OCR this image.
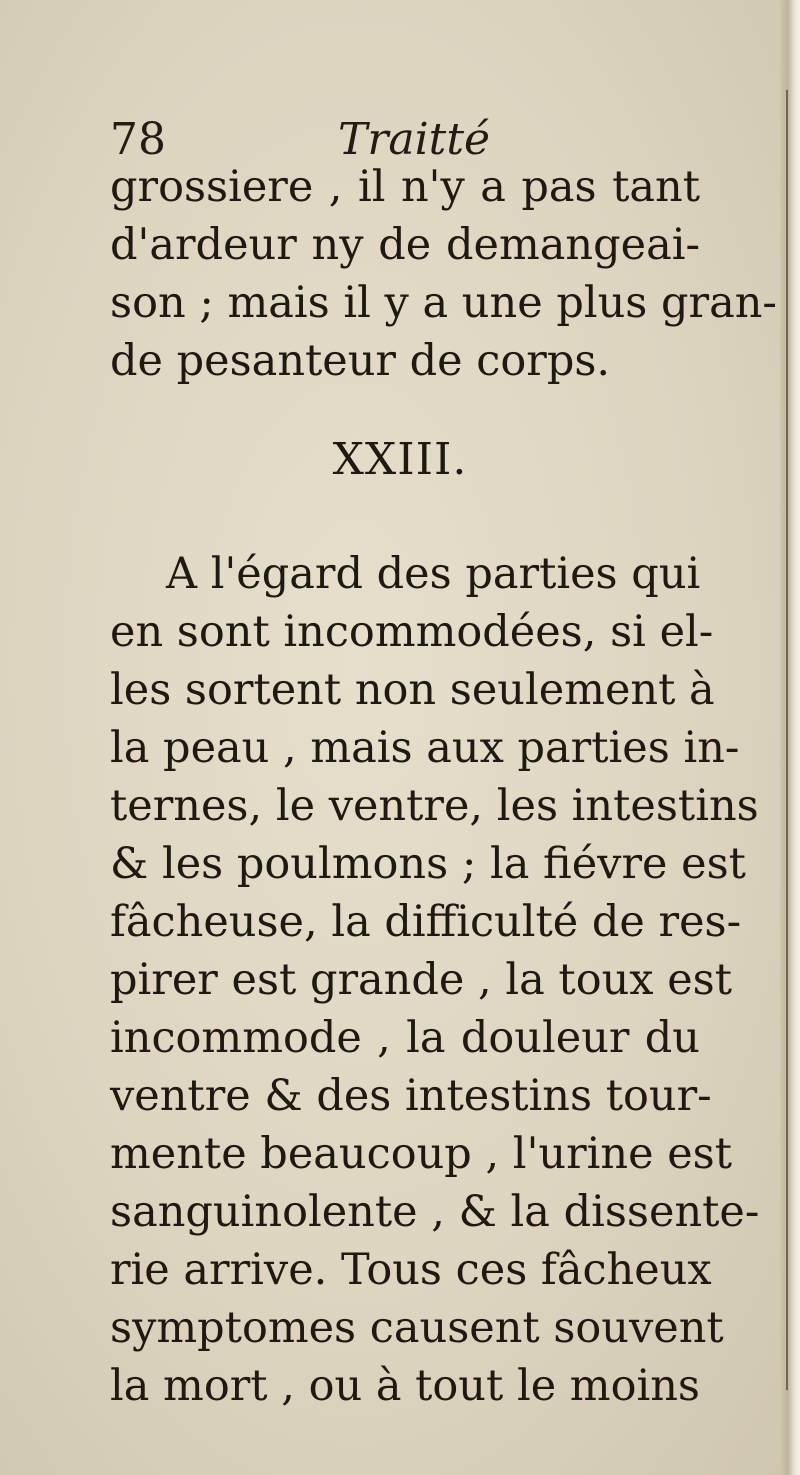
78	Traitté
grossiere , il n'y a pas tant
d'ardeur ny de demangeai-
son ; mais il y a une plus gran-
de pesanteur de corps.
XXIII.
A l'égard des parties qui
en sont incommodées, si el-
les sortent non seulement à
la peau , mais aux parties in-
ternes, le ventre, les intestins
& les poulmons ; la fiévre est
fâcheuse, la difficulté de res-
pirer est grande , la toux est
incommode , la douleur du
ventre & des intestins tour-
mente beaucoup , l'urine est
sanguinolente , & la dissente-
rie arrive. Tous ces fâcheux
symptomes causent souvent
la mort , ou à tout le moins
